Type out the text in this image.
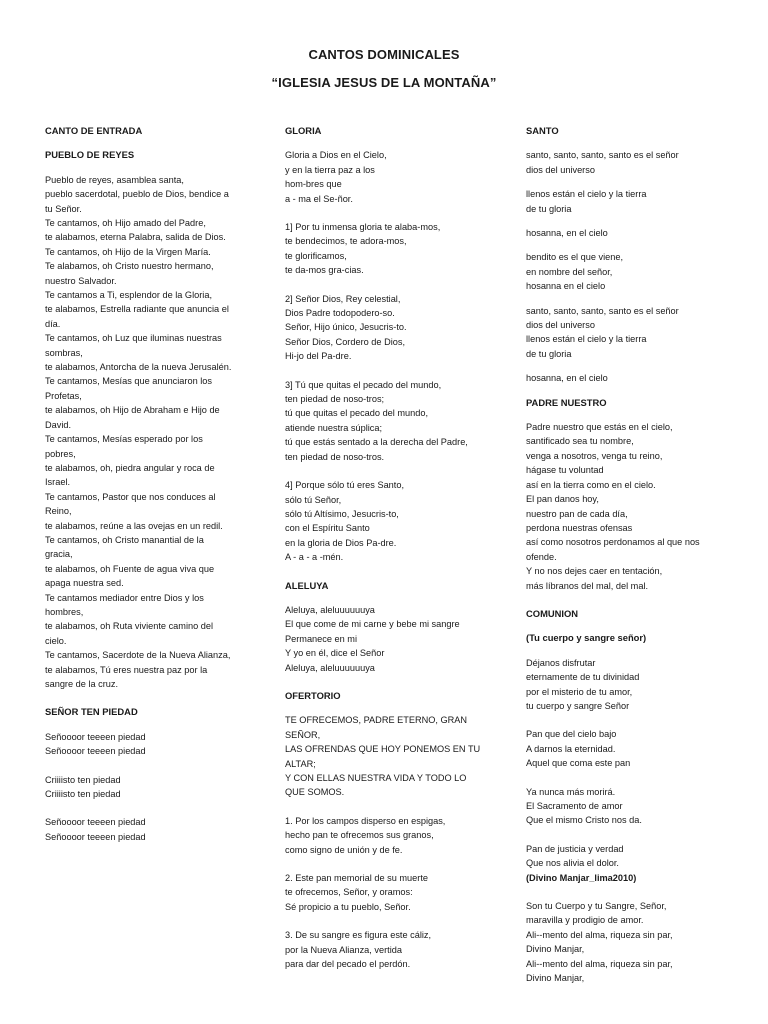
CANTOS DOMINICALES
“IGLESIA JESUS DE LA MONTAÑA”
CANTO DE ENTRADA
PUEBLO DE REYES
Pueblo de reyes, asamblea santa,
pueblo sacerdotal, pueblo de Dios, bendice a
tu Señor.
Te cantamos, oh Hijo amado del Padre,
te alabamos, eterna Palabra, salida de Dios.
Te cantamos, oh Hijo de la Virgen María.
Te alabamos, oh Cristo nuestro hermano,
nuestro Salvador.
Te cantamos a Ti, esplendor de la Gloria,
te alabamos, Estrella radiante que anuncia el
día.
Te cantamos, oh Luz que iluminas nuestras
sombras,
te alabamos, Antorcha de la nueva Jerusalén.
Te cantamos, Mesías que anunciaron los
Profetas,
te alabamos, oh Hijo de Abraham e Hijo de
David.
Te cantamos, Mesías esperado por los
pobres,
te alabamos, oh, piedra angular y roca de
Israel.
Te cantamos, Pastor que nos conduces al
Reino,
te alabamos, reúne a las ovejas en un redil.
Te cantamos, oh Cristo manantial de la
gracia,
te alabamos, oh Fuente de agua viva que
apaga nuestra sed.
Te cantamos mediador entre Dios y los
hombres,
te alabamos, oh Ruta viviente camino del
cielo.
Te cantamos, Sacerdote de la Nueva Alianza,
te alabamos, Tú eres nuestra paz por la
sangre de la cruz.
SEÑOR TEN PIEDAD
Señoooor teeeen piedad
Señoooor teeeen piedad
Criiiisto ten piedad
Criiiisto ten piedad
Señoooor teeeen piedad
Señoooor teeeen piedad
GLORIA
Gloria a Dios en el Cielo,
y en la tierra paz a los
hom-bres que
a - ma el Se-ñor.
1] Por tu inmensa gloria te alaba-mos,
te bendecimos, te adora-mos,
te glorificamos,
te da-mos gra-cias.
2] Señor Dios, Rey celestial,
Dios Padre todopodero-so.
Señor, Hijo único, Jesucris-to.
Señor Dios, Cordero de Dios,
Hi-jo del Pa-dre.
3] Tú que quitas el pecado del mundo,
ten piedad de noso-tros;
tú que quitas el pecado del mundo,
atiende nuestra súplica;
tú que estás sentado a la derecha del Padre,
ten piedad de noso-tros.
4] Porque sólo tú eres Santo,
sólo tú Señor,
sólo tú Altísimo, Jesucris-to,
con el Espíritu Santo
en la gloria de Dios Pa-dre.
A - a - a -mén.
ALELUYA
Aleluya, aleluuuuuuya
El que come de mi carne y bebe mi sangre
Permanece en mi
Y yo en él, dice el Señor
Aleluya, aleluuuuuuya
OFERTORIO
TE OFRECEMOS, PADRE ETERNO, GRAN
SEÑOR,
LAS OFRENDAS QUE HOY PONEMOS EN TU
ALTAR;
Y CON ELLAS NUESTRA VIDA Y TODO LO
QUE SOMOS.
1. Por los campos disperso en espigas,
hecho pan te ofrecemos sus granos,
como signo de unión y de fe.
2. Este pan memorial de su muerte
te ofrecemos, Señor, y oramos:
Sé propicio a tu pueblo, Señor.
3. De su sangre es figura este cáliz,
por la Nueva Alianza, vertida
para dar del pecado el perdón.
SANTO
santo, santo, santo, santo es el señor
dios del universo
llenos están el cielo y la tierra
de tu gloria
hosanna, en el cielo
bendito es el que viene,
en nombre del señor,
hosanna en el cielo
santo, santo, santo, santo es el señor
dios del universo
llenos están el cielo y la tierra
de tu gloria
hosanna, en el cielo
PADRE NUESTRO
Padre nuestro que estás en el cielo,
santificado sea tu nombre,
venga a nosotros, venga tu reino,
hágase tu voluntad
así en la tierra como en el cielo.
El pan danos hoy,
nuestro pan de cada día,
perdona nuestras ofensas
así como nosotros perdonamos al que nos
ofende.
Y no nos dejes caer en tentación,
más líbranos del mal, del mal.
COMUNION
(Tu cuerpo y sangre señor)
Déjanos disfrutar
eternamente de tu divinidad
por el misterio de tu amor,
tu cuerpo y sangre Señor
Pan que del cielo bajo
A darnos la eternidad.
Aquel que coma este pan
Ya nunca más morirá.
El Sacramento de amor
Que el mismo Cristo nos da.
Pan de justicia y verdad
Que nos alivia el dolor.
(Divino Manjar_lima2010)
Son tu Cuerpo y tu Sangre, Señor,
maravilla y prodigio de amor.
Ali--mento del alma, riqueza sin par,
Divino Manjar,
Ali--mento del alma, riqueza sin par,
Divino Manjar,
